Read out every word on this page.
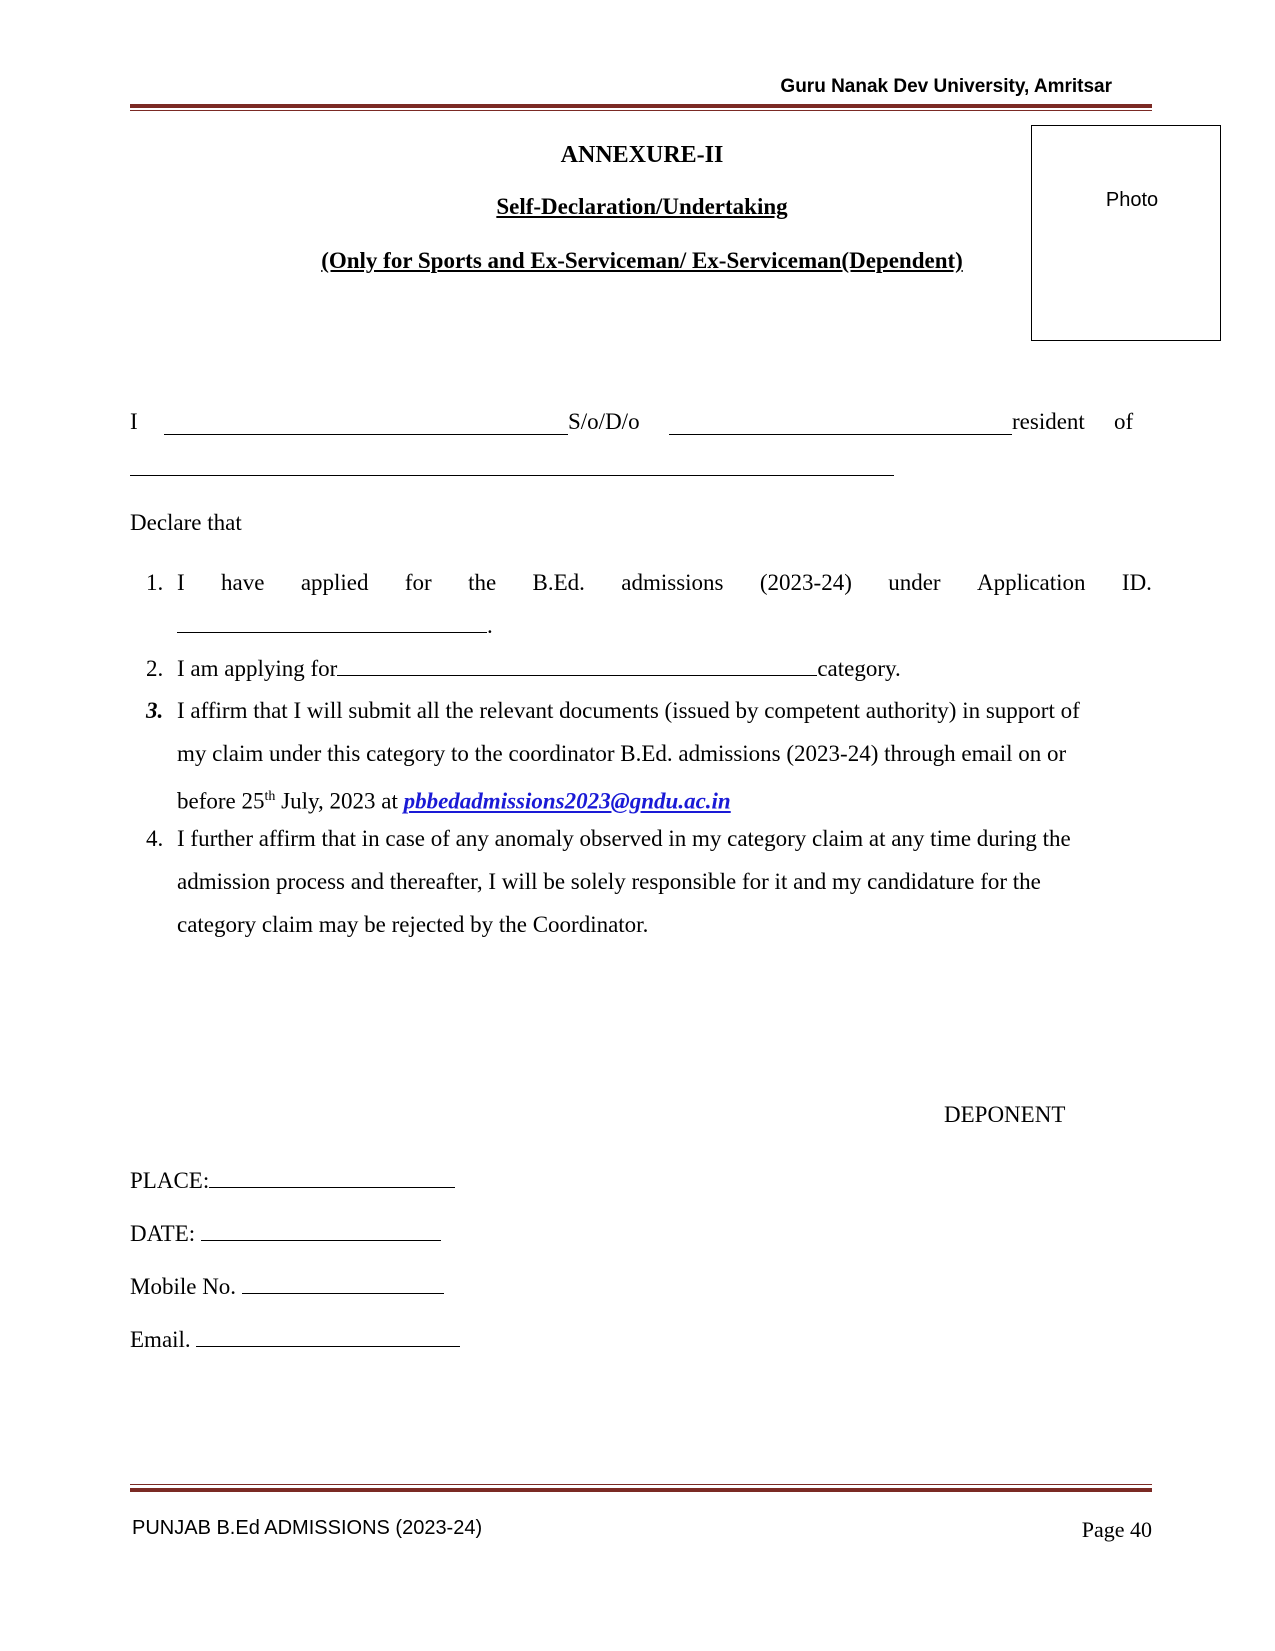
Guru Nanak Dev University, Amritsar
ANNEXURE-II
Self-Declaration/Undertaking
(Only for Sports and Ex-Serviceman/ Ex-Serviceman(Dependent)
Photo
I	S/o/D/o	resident of
Declare that
1. I have applied for the B.Ed. admissions (2023-24) under Application ID.
.
2. I am applying for	category.
3. I affirm that I will submit all the relevant documents (issued by competent authority) in support of
my claim under this category to the coordinator B.Ed. admissions (2023-24) through email on or
before 25th July, 2023 at pbbedadmissions2023@gndu.ac.in
4. I further affirm that in case of any anomaly observed in my category claim at any time during the
admission process and thereafter, I will be solely responsible for it and my candidature for the
category claim may be rejected by the Coordinator.
DEPONENT
PLACE:
DATE:
Mobile No.
Email.
PUNJAB B.Ed ADMISSIONS (2023-24)	Page 40
